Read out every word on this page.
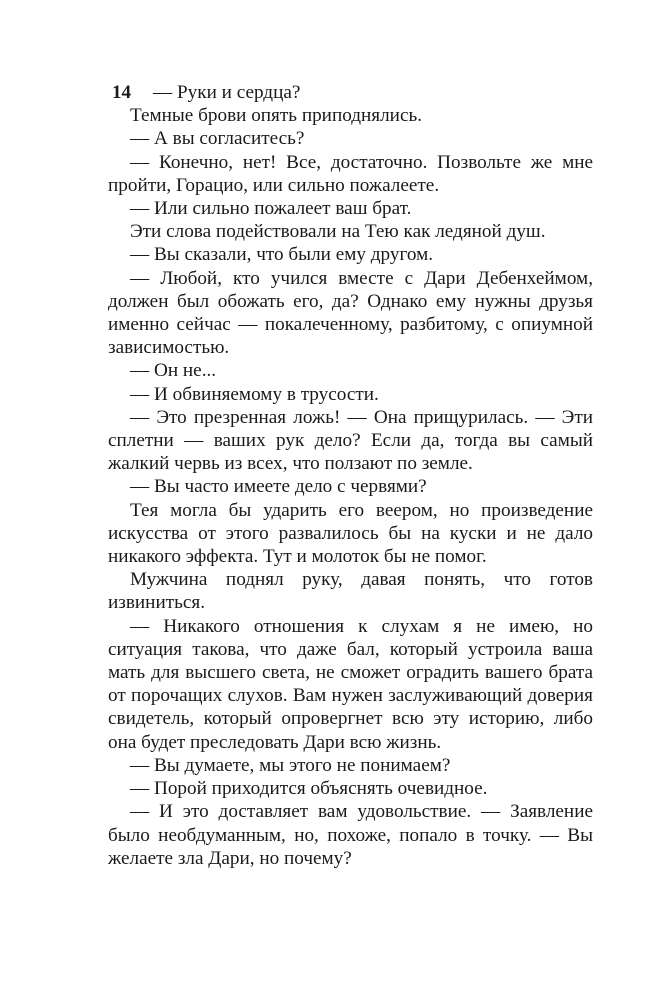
14	— Руки и сердца?

Темные брови опять приподнялись.

— А вы согласитесь?

— Конечно, нет! Все, достаточно. Позвольте же мне пройти, Горацио, или сильно пожалеете.

— Или сильно пожалеет ваш брат.

Эти слова подействовали на Тею как ледяной душ.

— Вы сказали, что были ему другом.

— Любой, кто учился вместе с Дари Дебенхеймом, должен был обожать его, да? Однако ему нужны друзья именно сейчас — покалеченному, разбитому, с опиумной зависимостью.

— Он не...

— И обвиняемому в трусости.

— Это презренная ложь! — Она прищурилась. — Эти сплетни — ваших рук дело? Если да, тогда вы самый жалкий червь из всех, что ползают по земле.

— Вы часто имеете дело с червями?

Тея могла бы ударить его веером, но произведение искусства от этого развалилось бы на куски и не дало никакого эффекта. Тут и молоток бы не помог.

Мужчина поднял руку, давая понять, что готов извиниться.

— Никакого отношения к слухам я не имею, но ситуация такова, что даже бал, который устроила ваша мать для высшего света, не сможет оградить вашего брата от порочащих слухов. Вам нужен заслуживающий доверия свидетель, который опровергнет всю эту историю, либо она будет преследовать Дари всю жизнь.

— Вы думаете, мы этого не понимаем?

— Порой приходится объяснять очевидное.

— И это доставляет вам удовольствие. — Заявление было необдуманным, но, похоже, попало в точку. — Вы желаете зла Дари, но почему?
